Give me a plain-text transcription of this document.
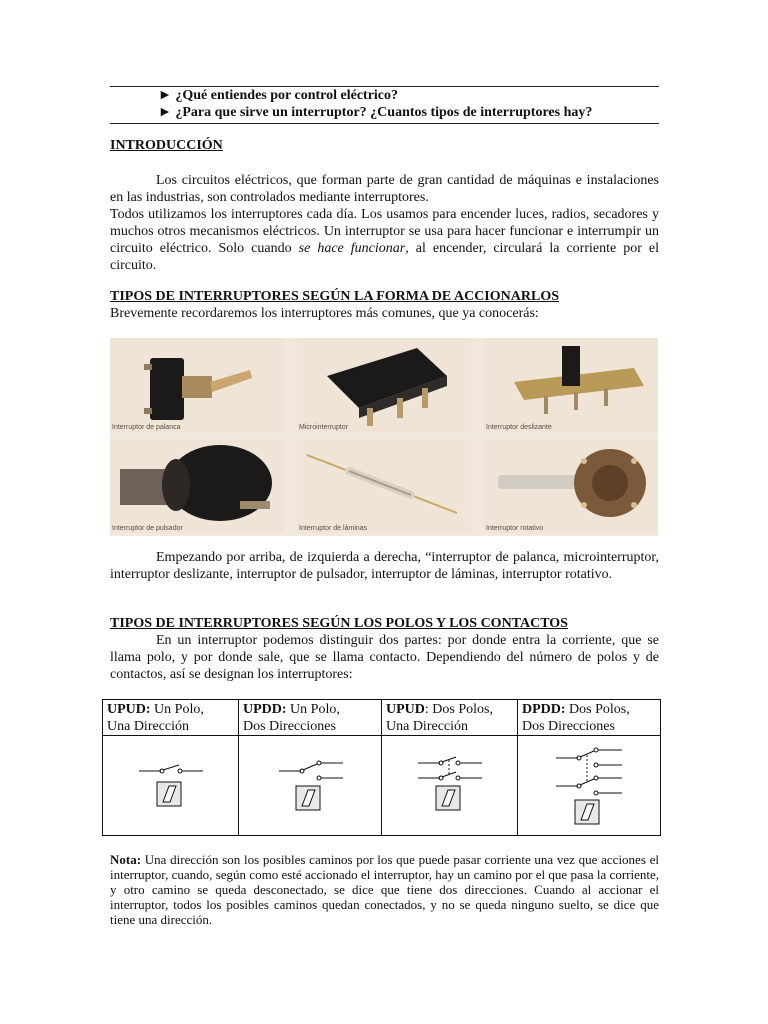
► ¿Qué entiendes por control eléctrico?
► ¿Para que sirve un interruptor? ¿Cuantos tipos de interruptores hay?
INTRODUCCIÓN
Los circuitos eléctricos, que forman parte de gran cantidad de máquinas e instalaciones en las industrias, son controlados mediante interruptores.
Todos utilizamos los interruptores cada día. Los usamos para encender luces, radios, secadores y muchos otros mecanismos eléctricos. Un interruptor se usa para hacer funcionar e interrumpir un circuito eléctrico. Solo cuando se hace funcionar, al encender, circulará la corriente por el circuito.
TIPOS DE INTERRUPTORES SEGÚN LA FORMA DE ACCIONARLOS
Brevemente recordaremos los interruptores más comunes, que ya conocerás:
Interruptor de palanca	Microinterruptor	Interruptor deslizante
Interruptor de pulsador	Interruptor de láminas	Interruptor rotativo
Empezando por arriba, de izquierda a derecha, “interruptor de palanca, microinterruptor, interruptor deslizante, interruptor de pulsador, interruptor de láminas, interruptor rotativo.
TIPOS DE INTERRUPTORES SEGÚN LOS POLOS Y LOS CONTACTOS
En un interruptor podemos distinguir dos partes: por donde entra la corriente, que se llama polo, y por donde sale, que se llama contacto. Dependiendo del número de polos y de contactos, así se designan los interruptores:
UPUD: Un Polo,
Una Dirección
UPDD: Un Polo,
Dos Direcciones
UPUD: Dos Polos,
Una Dirección
DPDD: Dos Polos,
Dos Direcciones
Nota: Una dirección son los posibles caminos por los que puede pasar corriente una vez que acciones el interruptor, cuando, según como esté accionado el interruptor, hay un camino por el que pasa la corriente, y otro camino se queda desconectado, se dice que tiene dos direcciones. Cuando al accionar el interruptor, todos los posibles caminos quedan conectados, y no se queda ninguno suelto, se dice que tiene una dirección.
